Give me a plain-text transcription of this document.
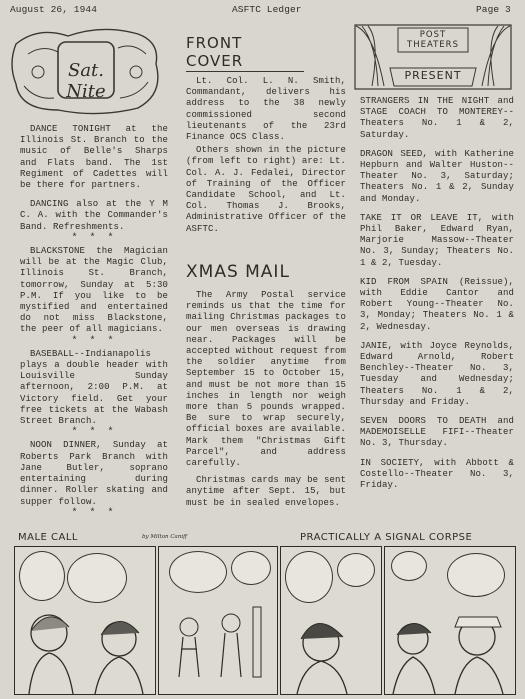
August 26, 1944	ASFTC Ledger	Page 3
Sat. Nite

DANCE TONIGHT at the Illinois St. Branch to the music of Belle's Sharps and Flats band. The 1st Regiment of Cadettes will be there for partners.

DANCING also at the Y M C. A. with the Commander's Band. Refreshments.

* * *

BLACKSTONE the Magician will be at the Magic Club, Illinois St. Branch, tomorrow, Sunday at 5:30 P.M. If you like to be mystified and entertained do not miss Blackstone, the peer of all magicians.

* * *

BASEBALL--Indianapolis plays a double header with Louisville Sunday afternoon, 2:00 P.M. at Victory field. Get your free tickets at the Wabash Street Branch.

* * *

NOON DINNER, Sunday at Roberts Park Branch with Jane Butler, soprano entertaining during dinner. Roller skating and supper follow.

* * *
FRONT COVER

Lt. Col. L. N. Smith, Commandant, delivers his address to the 38 newly commissioned second lieutenants of the 23rd Finance OCS Class.

Others shown in the picture (from left to right) are: Lt. Col. A. J. Fedalei, Director of Training of the Officer Candidate School, and Lt. Col. Thomas J. Brooks, Administrative Officer of the ASFTC.

XMAS MAIL

The Army Postal service reminds us that the time for mailing Christmas packages to our men overseas is drawing near. Packages will be accepted without request from the soldier anytime from September 15 to October 15, and must be not more than 15 inches in length nor weigh more than 5 pounds wrapped. Be sure to wrap securely, official boxes are available. Mark them "Christmas Gift Parcel", and address carefully.

Christmas cards may be sent anytime after Sept. 15, but must be in sealed envelopes.

POST
THEATERS
PRESENT

STRANGERS IN THE NIGHT and STAGE COACH TO MONTEREY--Theaters No. 1 & 2, Saturday.

DRAGON SEED, with Katherine Hepburn and Walter Huston--Theater No. 3, Saturday; Theaters No. 1 & 2, Sunday and Monday.

TAKE IT OR LEAVE IT, with Phil Baker, Edward Ryan, Marjorie Massow--Theater No. 3, Sunday; Theaters No. 1 & 2, Tuesday.

KID FROM SPAIN (Reissue), with Eddie Cantor and Robert Young--Theater No. 3, Monday; Theaters No. 1 & 2, Wednesday.

JANIE, with Joyce Reynolds, Edward Arnold, Robert Benchley--Theater No. 3, Tuesday and Wednesday; Theaters No. 1 & 2, Thursday and Friday.

SEVEN DOORS TO DEATH and MADEMOISELLE FIFI--Theater No. 3, Thursday.

IN SOCIETY, with Abbott & Costello--Theater No. 3, Friday.

MALE CALL	by Milton Caniff	PRACTICALLY A SIGNAL CORPSE
